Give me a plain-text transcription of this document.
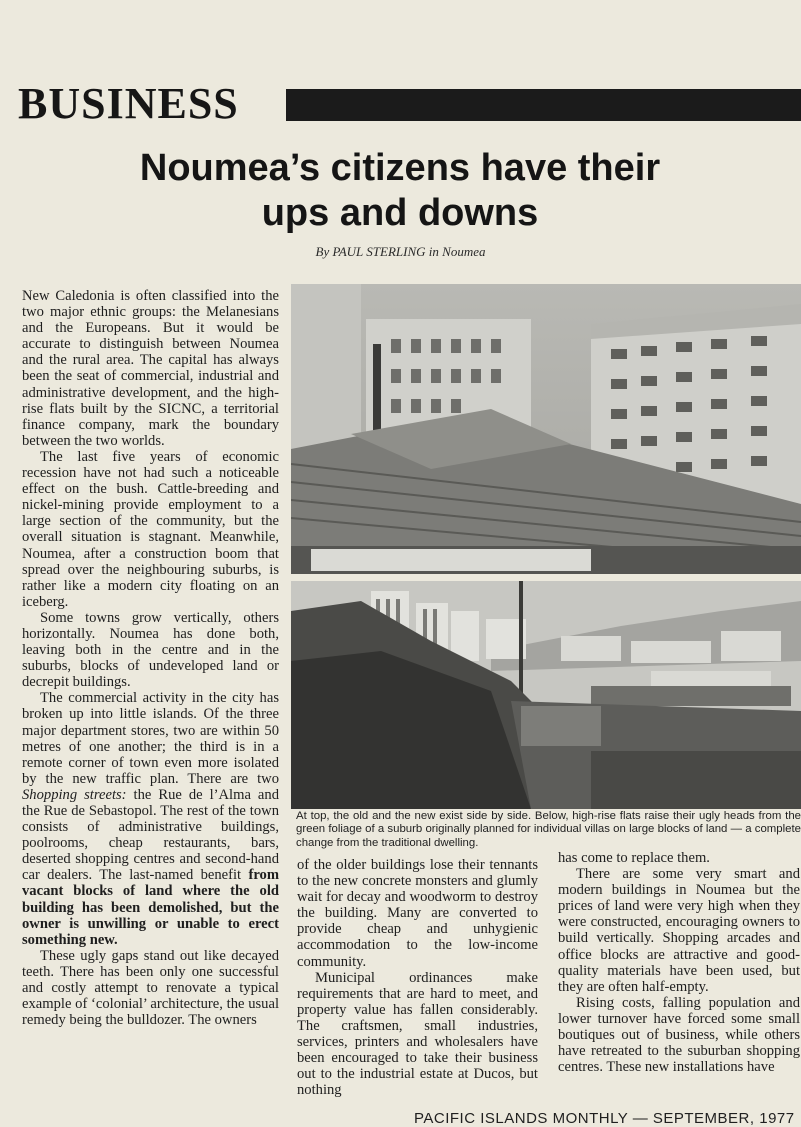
BUSINESS
Noumea’s citizens have their ups and downs
By PAUL STERLING in Noumea

New Caledonia is often classified into the two major ethnic groups: the Melanesians and the Europeans. But it would be accurate to distinguish between Noumea and the rural area. The capital has always been the seat of commercial, industrial and administrative development, and the high-rise flats built by the SICNC, a territorial finance company, mark the boundary between the two worlds.

The last five years of economic recession have not had such a noticeable effect on the bush. Cattle-breeding and nickel-mining provide employment to a large section of the community, but the overall situation is stagnant. Meanwhile, Noumea, after a construction boom that spread over the neighbouring suburbs, is rather like a modern city floating on an iceberg.

Some towns grow vertically, others horizontally. Noumea has done both, leaving both in the centre and in the suburbs, blocks of undeveloped land or decrepit buildings.

The commercial activity in the city has broken up into little islands. Of the three major department stores, two are within 50 metres of one another; the third is in a remote corner of town even more isolated by the new traffic plan. There are two Shopping streets: the Rue de l’Alma and the Rue de Sebastopol. The rest of the town consists of administrative buildings, poolrooms, cheap restaurants, bars, deserted shopping centres and second-hand car dealers. The last-named benefit from vacant blocks of land where the old building has been demolished, but the owner is unwilling or unable to erect something new.

These ugly gaps stand out like decayed teeth. There has been only one successful and costly attempt to renovate a typical example of ‘colonial’ architecture, the usual remedy being the bulldozer. The owners

At top, the old and the new exist side by side. Below, high-rise flats raise their ugly heads from the green foliage of a suburb originally planned for individual villas on large blocks of land — a complete change from the traditional dwelling.

of the older buildings lose their tennants to the new concrete monsters and glumly wait for decay and woodworm to destroy the building. Many are converted to provide cheap and unhygienic accommodation to the low-income community.

Municipal ordinances make requirements that are hard to meet, and property value has fallen considerably. The craftsmen, small industries, services, printers and wholesalers have been encouraged to take their business out to the industrial estate at Ducos, but nothing

has come to replace them.

There are some very smart and modern buildings in Noumea but the prices of land were very high when they were constructed, encouraging owners to build vertically. Shopping arcades and office blocks are attractive and good-quality materials have been used, but they are often half-empty.

Rising costs, falling population and lower turnover have forced some small boutiques out of business, while others have retreated to the suburban shopping centres. These new installations have

PACIFIC ISLANDS MONTHLY — SEPTEMBER, 1977
